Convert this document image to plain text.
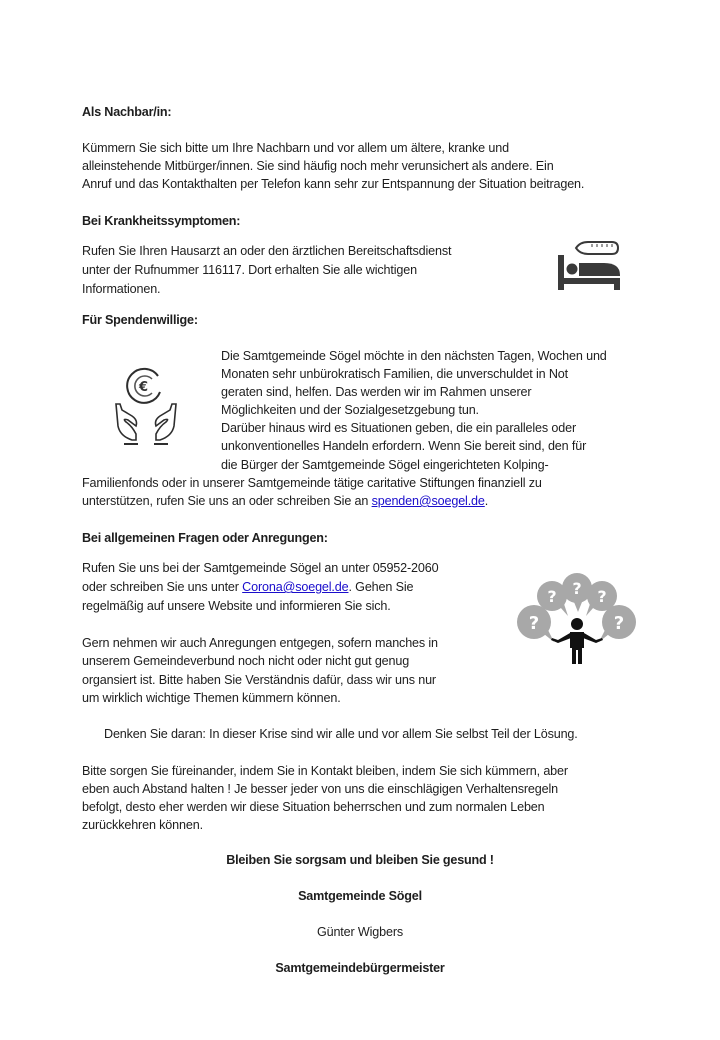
Als Nachbar/in:
Kümmern Sie sich bitte um Ihre Nachbarn und vor allem um ältere, kranke und
alleinstehende Mitbürger/innen. Sie sind häufig noch mehr verunsichert als andere. Ein
Anruf und das Kontakthalten per Telefon kann sehr zur Entspannung der Situation beitragen.
Bei Krankheitssymptomen:
Rufen Sie Ihren Hausarzt an oder den ärztlichen Bereitschaftsdienst
unter der Rufnummer 116117. Dort erhalten Sie alle wichtigen
Informationen.
Für Spendenwillige:
€
Die Samtgemeinde Sögel möchte in den nächsten Tagen, Wochen und
Monaten sehr unbürokratisch Familien, die unverschuldet in Not
geraten sind, helfen. Das werden wir im Rahmen unserer
Möglichkeiten und der Sozialgesetzgebung tun.
Darüber hinaus wird es Situationen geben, die ein paralleles oder
unkonventionelles Handeln erfordern. Wenn Sie bereit sind, den für
die Bürger der Samtgemeinde Sögel eingerichteten Kolping-
Familienfonds oder in unserer Samtgemeinde tätige caritative Stiftungen finanziell zu
unterstützen, rufen Sie uns an oder schreiben Sie an spenden@soegel.de.
Bei allgemeinen Fragen oder Anregungen:
Rufen Sie uns bei der Samtgemeinde Sögel an unter 05952-2060
oder schreiben Sie uns unter Corona@soegel.de. Gehen Sie
regelmäßig auf unsere Website und informieren Sie sich.
Gern nehmen wir auch Anregungen entgegen, sofern manches in
unserem Gemeindeverbund noch nicht oder nicht gut genug
organsiert ist. Bitte haben Sie Verständnis dafür, dass wir uns nur
um wirklich wichtige Themen kümmern können.
?
? ? ?
?
Denken Sie daran: In dieser Krise sind wir alle und vor allem Sie selbst Teil der Lösung.
Bitte sorgen Sie füreinander, indem Sie in Kontakt bleiben, indem Sie sich kümmern, aber
eben auch Abstand halten ! Je besser jeder von uns die einschlägigen Verhaltensregeln
befolgt, desto eher werden wir diese Situation beherrschen und zum normalen Leben
zurückkehren können.
Bleiben Sie sorgsam und bleiben Sie gesund !
Samtgemeinde Sögel
Günter Wigbers
Samtgemeindebürgermeister
